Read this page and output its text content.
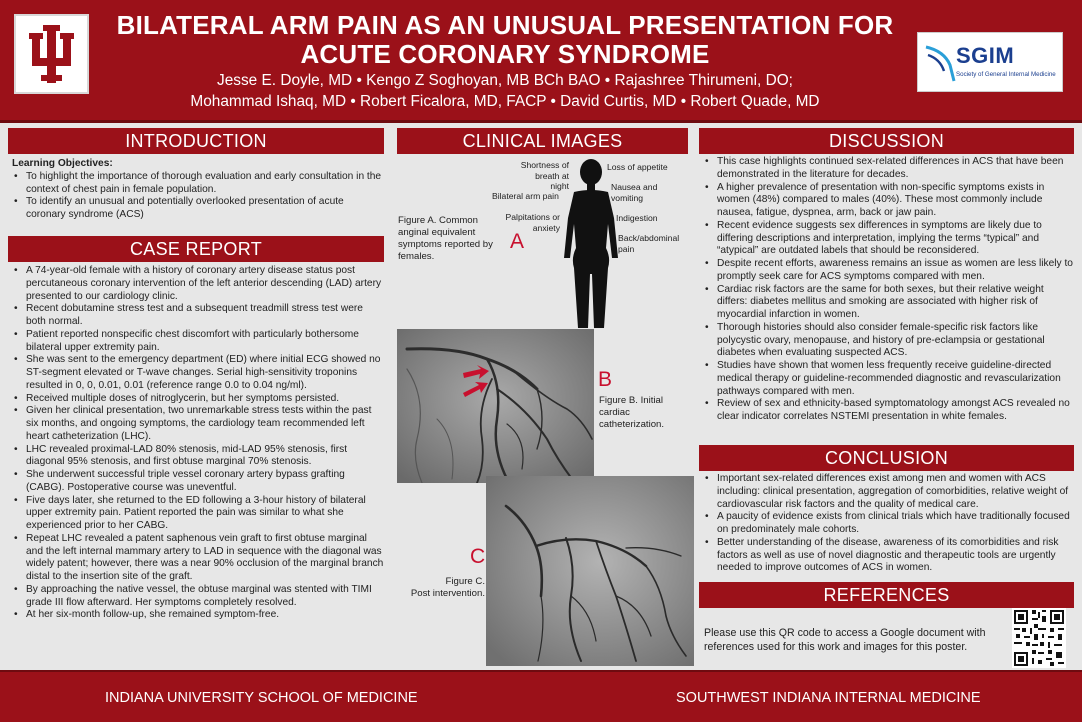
BILATERAL ARM PAIN AS AN UNUSUAL PRESENTATION FOR
ACUTE CORONARY SYNDROME
Jesse E. Doyle, MD • Kengo Z Soghoyan, MB BCh BAO • Rajashree Thirumeni, DO;
Mohammad Ishaq, MD • Robert Ficalora, MD, FACP • David Curtis, MD • Robert Quade, MD
SGIM
Society of General Internal Medicine
INTRODUCTION
Learning Objectives:
• To highlight the importance of thorough evaluation and early consultation in the context of chest pain in female population.
• To identify an unusual and potentially overlooked presentation of acute coronary syndrome (ACS)
CASE REPORT
• A 74-year-old female with a history of coronary artery disease status post percutaneous coronary intervention of the left anterior descending (LAD) artery presented to our cardiology clinic.
• Recent dobutamine stress test and a subsequent treadmill stress test were both normal.
• Patient reported nonspecific chest discomfort with particularly bothersome bilateral upper extremity pain.
• She was sent to the emergency department (ED) where initial ECG showed no ST-segment elevated or T-wave changes. Serial high-sensitivity troponins resulted in 0, 0, 0.01, 0.01 (reference range 0.0 to 0.04 ng/ml).
• Received multiple doses of nitroglycerin, but her symptoms persisted.
• Given her clinical presentation, two unremarkable stress tests within the past six months, and ongoing symptoms, the cardiology team recommended left heart catheterization (LHC).
• LHC revealed proximal-LAD 80% stenosis, mid-LAD 95% stenosis, first diagonal 95% stenosis, and first obtuse marginal 70% stenosis.
• She underwent successful triple vessel coronary artery bypass grafting (CABG). Postoperative course was uneventful.
• Five days later, she returned to the ED following a 3-hour history of bilateral upper extremity pain. Patient reported the pain was similar to what she experienced prior to her CABG.
• Repeat LHC revealed a patent saphenous vein graft to first obtuse marginal and the left internal mammary artery to LAD in sequence with the diagonal was widely patent; however, there was a near 90% occlusion of the marginal branch distal to the insertion site of the graft.
• By approaching the native vessel, the obtuse marginal was stented with TIMI grade III flow afterward. Her symptoms completely resolved.
• At her six-month follow-up, she remained symptom-free.
CLINICAL IMAGES
Shortness of breath at night
Loss of appetite
Bilateral arm pain
Nausea and vomiting
Palpitations or anxiety
Indigestion
Back/abdominal pain
Figure A. Common anginal equivalent symptoms reported by females.
A
B
Figure B. Initial cardiac catheterization.
C
Figure C.
Post intervention.
DISCUSSION
• This case highlights continued sex-related differences in ACS that have been demonstrated in the literature for decades.
• A higher prevalence of presentation with non-specific symptoms exists in women (48%) compared to males (40%). These most commonly include nausea, fatigue, dyspnea, arm, back or jaw pain.
• Recent evidence suggests sex differences in symptoms are likely due to differing descriptions and interpretation, implying the terms “typical” and “atypical” are outdated labels that should be reconsidered.
• Despite recent efforts, awareness remains an issue as women are less likely to promptly seek care for ACS symptoms compared with men.
• Cardiac risk factors are the same for both sexes, but their relative weight differs: diabetes mellitus and smoking are associated with higher risk of myocardial infarction in women.
• Thorough histories should also consider female-specific risk factors like polycystic ovary, menopause, and history of pre-eclampsia or gestational diabetes when evaluating suspected ACS.
• Studies have shown that women less frequently receive guideline-directed medical therapy or guideline-recommended diagnostic and revascularization pathways compared with men.
• Review of sex and ethnicity-based symptomatology amongst ACS revealed no clear indicator correlates NSTEMI presentation in white females.
CONCLUSION
• Important sex-related differences exist among men and women with ACS including: clinical presentation, aggregation of comorbidities, relative weight of cardiovascular risk factors and the quality of medical care.
• A paucity of evidence exists from clinical trials which have traditionally focused on predominately male cohorts.
• Better understanding of the disease, awareness of its comorbidities and risk factors as well as use of novel diagnostic and therapeutic tools are urgently needed to improve outcomes of ACS in women.
REFERENCES
Please use this QR code to access a Google document with references used for this work and images for this poster.
INDIANA UNIVERSITY SCHOOL OF MEDICINE	SOUTHWEST INDIANA INTERNAL MEDICINE
